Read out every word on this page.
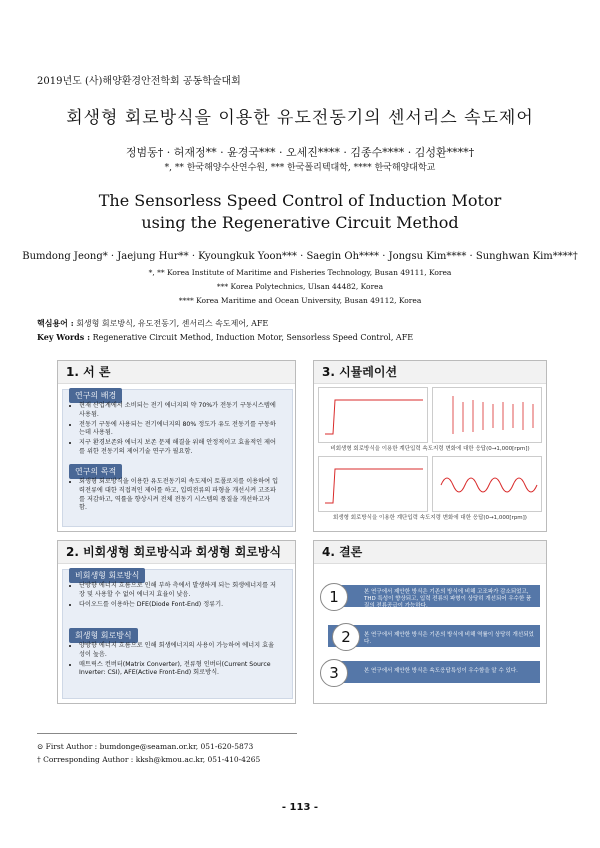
2019년도 (사)해양환경안전학회 공동학술대회
회생형 회로방식을 이용한 유도전동기의 센서리스 속도제어
정범동† · 허재정** · 윤경국*** · 오세진**** · 김종수**** · 김성환****†
*, ** 한국해양수산연수원, *** 한국폴리텍대학, **** 한국해양대학교
The Sensorless Speed Control of Induction Motor
using the Regenerative Circuit Method
Bumdong Jeong* · Jaejung Hur** · Kyoungkuk Yoon*** · Saegin Oh**** · Jongsu Kim**** · Sunghwan Kim****†
*, ** Korea Institute of Maritime and Fisheries Technology, Busan 49111, Korea
*** Korea Polytechnics, Ulsan 44482, Korea
**** Korea Maritime and Ocean University, Busan 49112, Korea
핵심용어 : 회생형 회로방식, 유도전동기, 센서리스 속도제어, AFE
Key Words : Regenerative Circuit Method, Induction Motor, Sensorless Speed Control, AFE
1. 서 론
연구의 배경
• 현재 산업계에서 소비되는 전기 에너지의 약 70%가 전동기 구동시스템에 사용됨.
• 전동기 구동에 사용되는 전기에너지의 80% 정도가 유도 전동기를 구동하는데 사용됨.
• 지구 환경보존와 에너지 보존 문제 해결을 위해 안정적이고 효율적인 제어를 위한 전동기의 제어기술 연구가 필요함.
연구의 목적
• 회생형 회로방식을 이용한 유도전동기의 속도제어 토폴로지를 이용하여 입력전류에 대한 직접적인 제어를 하고, 입력전류의 파형을 개선시켜 고조파를 저감하고, 역률을 향상시켜 전체 전동기 시스템의 품질을 개선하고자 함.
3. 시뮬레이션
비회생형 회로방식을 이용한 계단입력 속도지령 변화에 대한 응답(0→1,000[rpm])
회생형 회로방식을 이용한 계단입력 속도지령 변화에 대한 응답(0→1,000[rpm])
2. 비회생형 회로방식과 회생형 회로방식
비회생형 회로방식
• 단방향 에너지 흐름으로 인해 부하 측에서 발생하게 되는 회생에너지를 저장 및 사용할 수 없어 에너지 효율이 낮음.
• 다이오드를 이용하는 DFE(Diode Font-End) 정류기.
회생형 회로방식
• 양방향 에너지 흐름으로 인해 회생에너지의 사용이 가능하여 에너지 효율성이 높음.
• 매트릭스 컨버터(Matrix Converter), 전류형 인버터(Current Source Inverter: CSI), AFE(Active Front-End) 회로방식.
4. 결론
본 연구에서 제안한 방식은 기존의 방식에 비해 고조파가 감소되었고, THD 특성이 향상되고, 입력 전류의 파형이 상당히 개선되어 우수한 품질의 전류공급이 가능하다.
1
본 연구에서 제안한 방식은 기존의 방식에 비해 역률이 상당히 개선되었다.
2
본 연구에서 제안한 방식은 속도응답특성이 우수함을 알 수 있다.
3
⊙ First Author : bumdonge@seaman.or.kr, 051-620-5873
† Corresponding Author : kksh@kmou.ac.kr, 051-410-4265
- 113 -
